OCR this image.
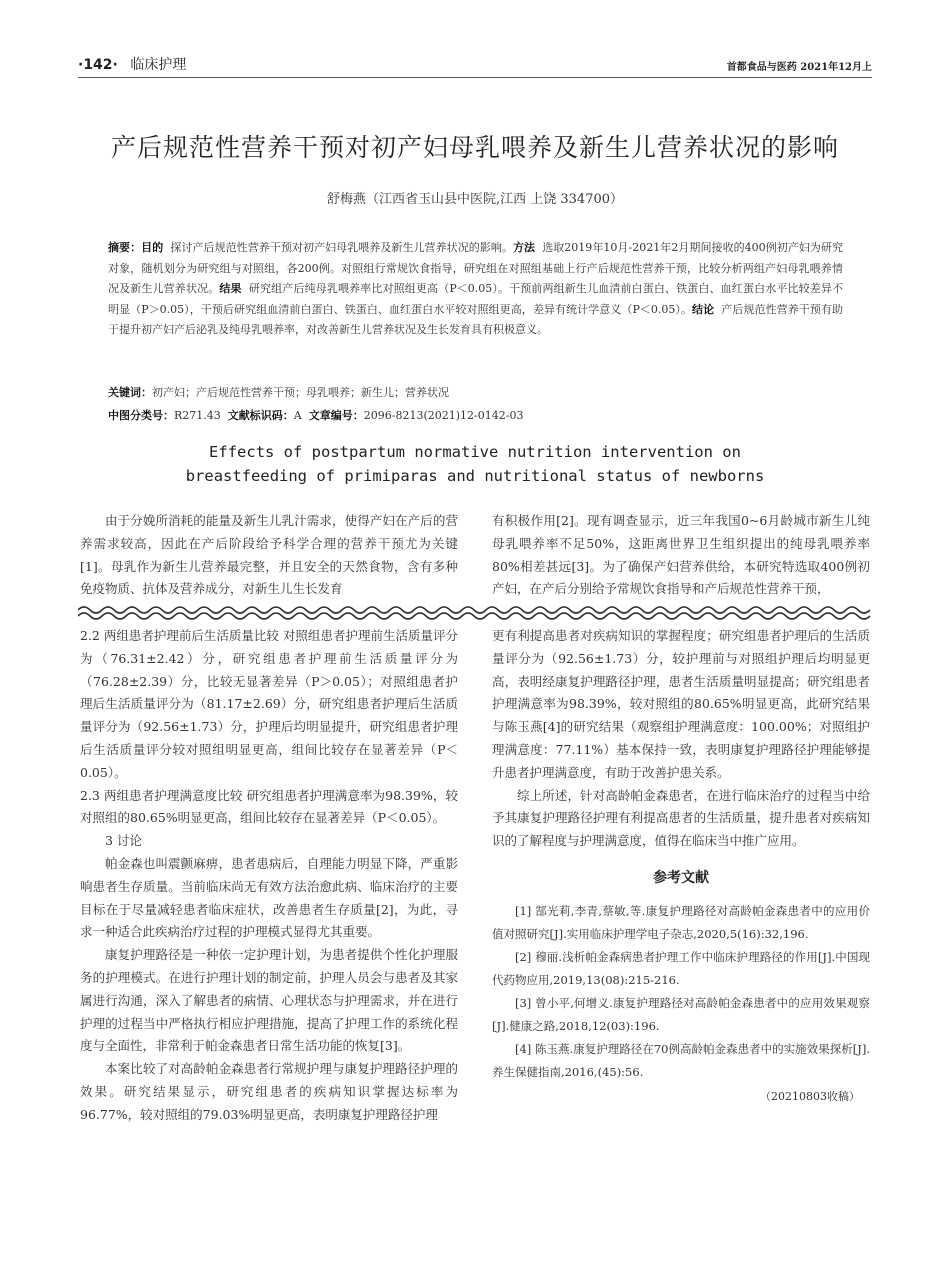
·142· 临床护理	首都食品与医药 2021年12月上
产后规范性营养干预对初产妇母乳喂养及新生儿营养状况的影响
舒梅燕（江西省玉山县中医院,江西 上饶 334700）
摘要：目的 探讨产后规范性营养干预对初产妇母乳喂养及新生儿营养状况的影响。方法 选取2019年10月-2021年2月期间接收的400例初产妇为研究对象，随机划分为研究组与对照组，各200例。对照组行常规饮食指导，研究组在对照组基础上行产后规范性营养干预，比较分析两组产妇母乳喂养情况及新生儿营养状况。结果 研究组产后纯母乳喂养率比对照组更高（P＜0.05）。干预前两组新生儿血清前白蛋白、铁蛋白、血红蛋白水平比较差异不明显（P＞0.05），干预后研究组血清前白蛋白、铁蛋白、血红蛋白水平较对照组更高，差异有统计学意义（P＜0.05）。结论 产后规范性营养干预有助于提升初产妇产后泌乳及纯母乳喂养率，对改善新生儿营养状况及生长发育具有积极意义。
关键词：初产妇；产后规范性营养干预；母乳喂养；新生儿；营养状况
中图分类号：R271.43 文献标识码：A 文章编号：2096-8213(2021)12-0142-03
Effects of postpartum normative nutrition intervention on
breastfeeding of primiparas and nutritional status of newborns

由于分娩所消耗的能量及新生儿乳汁需求，使得产妇在产后的营养需求较高，因此在产后阶段给予科学合理的营养干预尤为关键[1]。母乳作为新生儿营养最完整，并且安全的天然食物，含有多种免疫物质、抗体及营养成分，对新生儿生长发育

有积极作用[2]。现有调查显示，近三年我国0~6月龄城市新生儿纯母乳喂养率不足50%，这距离世界卫生组织提出的纯母乳喂养率80%相差甚远[3]。为了确保产妇营养供给，本研究特选取400例初产妇，在产后分别给予常规饮食指导和产后规范性营养干预，

2.2 两组患者护理前后生活质量比较 对照组患者护理前生活质量评分为（76.31±2.42）分，研究组患者护理前生活质量评分为（76.28±2.39）分，比较无显著差异（P＞0.05）；对照组患者护理后生活质量评分为（81.17±2.69）分，研究组患者护理后生活质量评分为（92.56±1.73）分，护理后均明显提升，研究组患者护理后生活质量评分较对照组明显更高，组间比较存在显著差异（P＜0.05）。

2.3 两组患者护理满意度比较 研究组患者护理满意率为98.39%，较对照组的80.65%明显更高，组间比较存在显著差异（P＜0.05）。

3 讨论

帕金森也叫震颤麻痹，患者患病后，自理能力明显下降，严重影响患者生存质量。当前临床尚无有效方法治愈此病、临床治疗的主要目标在于尽量减轻患者临床症状，改善患者生存质量[2]，为此，寻求一种适合此疾病治疗过程的护理模式显得尤其重要。

康复护理路径是一种依一定护理计划，为患者提供个性化护理服务的护理模式。在进行护理计划的制定前，护理人员会与患者及其家属进行沟通，深入了解患者的病情、心理状态与护理需求，并在进行护理的过程当中严格执行相应护理措施，提高了护理工作的系统化程度与全面性，非常利于帕金森患者日常生活功能的恢复[3]。

本案比较了对高龄帕金森患者行常规护理与康复护理路径护理的效果。研究结果显示，研究组患者的疾病知识掌握达标率为96.77%，较对照组的79.03%明显更高，表明康复护理路径护理

更有利提高患者对疾病知识的掌握程度；研究组患者护理后的生活质量评分为（92.56±1.73）分，较护理前与对照组护理后均明显更高，表明经康复护理路径护理，患者生活质量明显提高；研究组患者护理满意率为98.39%，较对照组的80.65%明显更高，此研究结果与陈玉燕[4]的研究结果（观察组护理满意度：100.00%；对照组护理满意度：77.11%）基本保持一致，表明康复护理路径护理能够提升患者护理满意度，有助于改善护患关系。

综上所述，针对高龄帕金森患者，在进行临床治疗的过程当中给予其康复护理路径护理有利提高患者的生活质量，提升患者对疾病知识的了解程度与护理满意度，值得在临床当中推广应用。

参考文献

[1] 郜光莉,李青,蔡敏,等.康复护理路径对高龄帕金森患者中的应用价值对照研究[J].实用临床护理学电子杂志,2020,5(16):32,196.

[2] 穆丽.浅析帕金森病患者护理工作中临床护理路径的作用[J].中国现代药物应用,2019,13(08):215-216.

[3] 曾小平,何增义.康复护理路径对高龄帕金森患者中的应用效果观察[J].健康之路,2018,12(03):196.

[4] 陈玉燕.康复护理路径在70例高龄帕金森患者中的实施效果探析[J].养生保健指南,2016,(45):56.

（20210803收稿）
